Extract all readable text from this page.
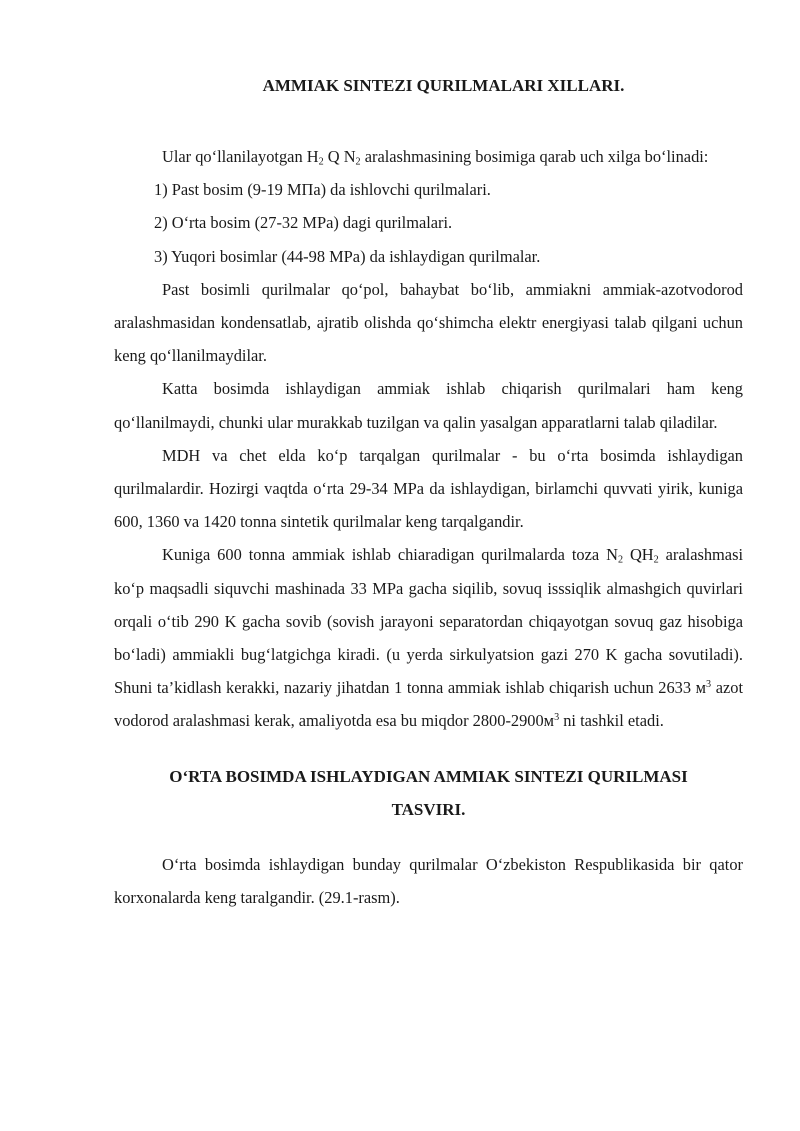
AMMIAK SINTEZI QURILMALARI XILLARI.

Ular qo‘llanilayotgan $H_2$ Q $N_2$ aralashmasining bosimiga qarab uch xilga bo‘linadi:

1) Past bosim (9-19 MПa) da ishlovchi qurilmalari.

2) O‘rta bosim (27-32 MPa) dagi qurilmalari.

3) Yuqori bosimlar (44-98 MPa) da ishlaydigan qurilmalar.

Past bosimli qurilmalar qo‘pol, bahaybat bo‘lib, ammiakni ammiak-azotvodorod aralashmasidan kondensatlab, ajratib olishda qo‘shimcha elektr energiyasi talab qilgani uchun keng qo‘llanilmaydilar.

Katta bosimda ishlaydigan ammiak ishlab chiqarish qurilmalari ham keng qo‘llanilmaydi, chunki ular murakkab tuzilgan va qalin yasalgan apparatlarni talab qiladilar.

MDH va chet elda ko‘p tarqalgan qurilmalar - bu o‘rta bosimda ishlaydigan qurilmalardir. Hozirgi vaqtda o‘rta 29-34 MPa da ishlaydigan, birlamchi quvvati yirik, kuniga 600, 1360 va 1420 tonna sintetik qurilmalar keng tarqalgandir.

Kuniga 600 tonna ammiak ishlab chiaradigan qurilmalarda toza $N_2$ $QH_2$ aralashmasi ko‘p maqsadli siquvchi mashinada 33 MPa gacha siqilib, sovuq isssiqlik almashgich quvirlari orqali o‘tib 290 K gacha sovib (sovish jarayoni separatordan chiqayotgan sovuq gaz hisobiga bo‘ladi) ammiakli bug‘latgichga kiradi. (u yerda sirkulyatsion gazi 270 K gacha sovutiladi). Shuni ta’kidlash kerakki, nazariy jihatdan 1 tonna ammiak ishlab chiqarish uchun 2633 $м^3$ azot vodorod aralashmasi kerak, amaliyotda esa bu miqdor $2800-2900м^3$ ni tashkil etadi.

O‘RTA BOSIMDA ISHLAYDIGAN AMMIAK SINTEZI QURILMASI
TASVIRI.

O‘rta bosimda ishlaydigan bunday qurilmalar O‘zbekiston Respublikasida bir qator korxonalarda keng taralgandir. (29.1-rasm).
